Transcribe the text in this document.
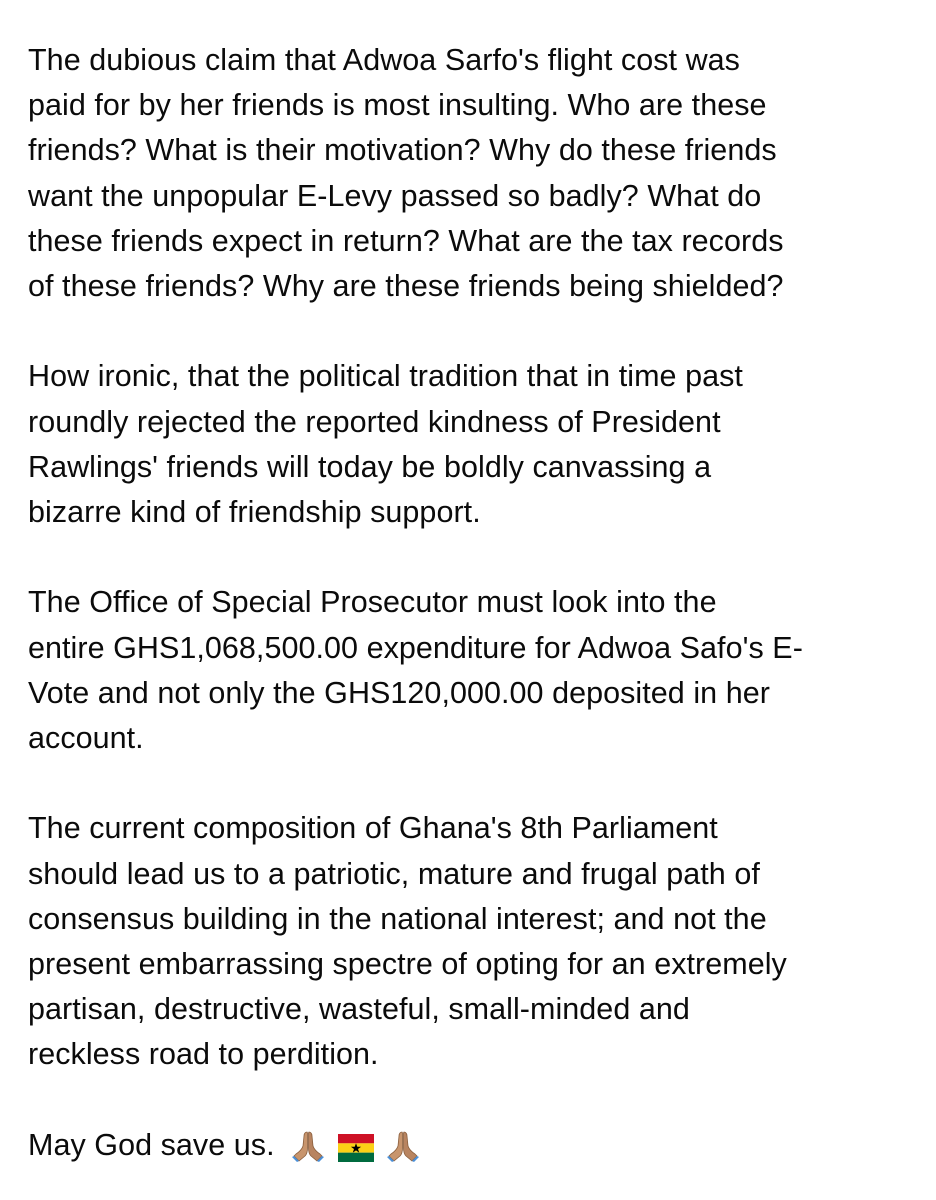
The dubious claim that Adwoa Sarfo's flight cost was
paid for by her friends is most insulting. Who are these
friends? What is their motivation? Why do these friends
want the unpopular E-Levy passed so badly? What do
these friends expect in return? What are the tax records
of these friends? Why are these friends being shielded?
How ironic, that the political tradition that in time past
roundly rejected the reported kindness of President
Rawlings' friends will today be boldly canvassing a
bizarre kind of friendship support.
The Office of Special Prosecutor must look into the
entire GHS1,068,500.00 expenditure for Adwoa Safo's E-
Vote and not only the GHS120,000.00 deposited in her
account.
The current composition of Ghana's 8th Parliament
should lead us to a patriotic, mature and frugal path of
consensus building in the national interest; and not the
present embarrassing spectre of opting for an extremely
partisan, destructive, wasteful, small-minded and
reckless road to perdition.
May God save us.
